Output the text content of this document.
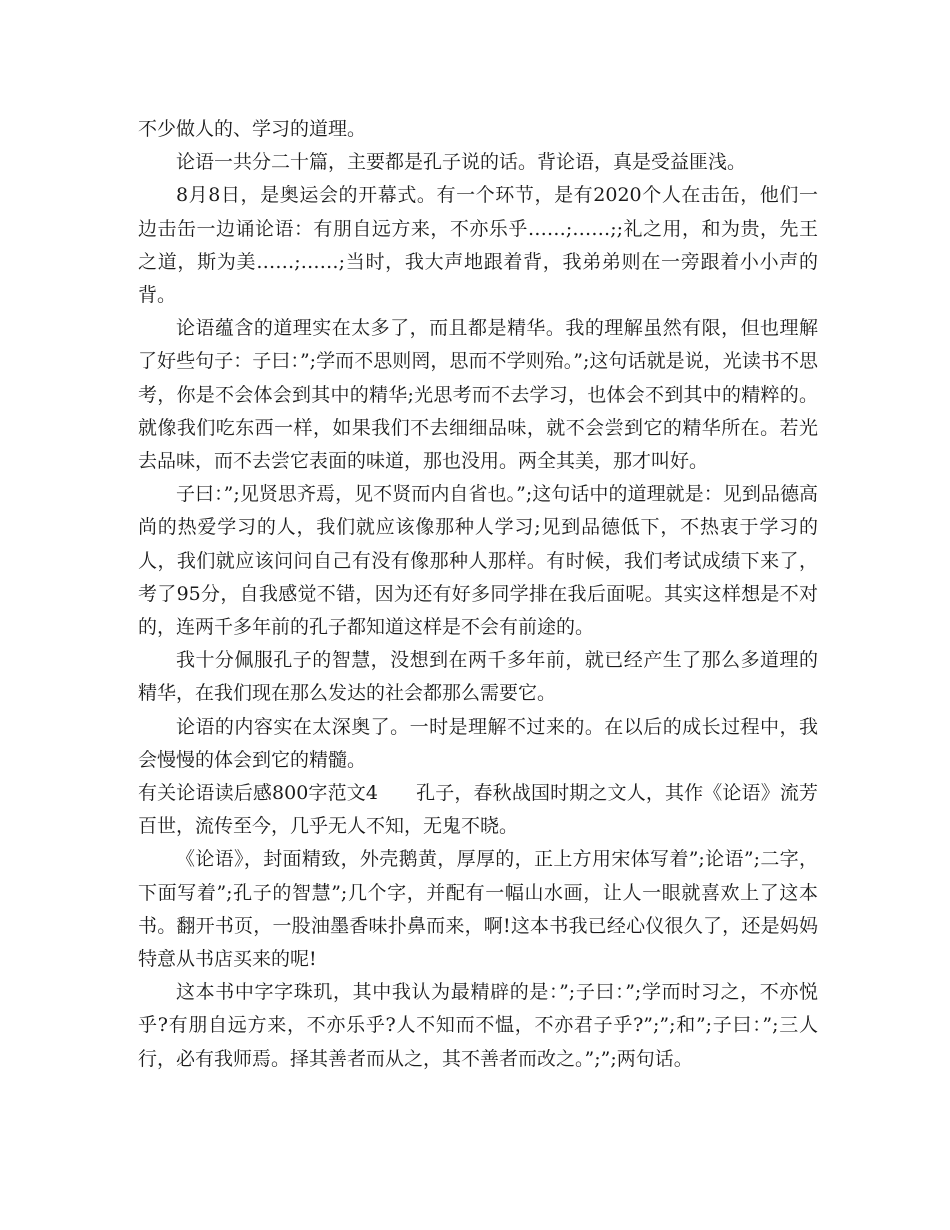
不少做人的、学习的道理。

论语一共分二十篇，主要都是孔子说的话。背论语，真是受益匪浅。

8月8日，是奥运会的开幕式。有一个环节，是有2020个人在击缶，他们一边击缶一边诵论语：有朋自远方来，不亦乐乎……;……;;礼之用，和为贵，先王之道，斯为美……;……;当时，我大声地跟着背，我弟弟则在一旁跟着小小声的背。

论语蕴含的道理实在太多了，而且都是精华。我的理解虽然有限，但也理解了好些句子：子曰：”;学而不思则罔，思而不学则殆。”;这句话就是说，光读书不思考，你是不会体会到其中的精华;光思考而不去学习，也体会不到其中的精粹的。就像我们吃东西一样，如果我们不去细细品味，就不会尝到它的精华所在。若光去品味，而不去尝它表面的味道，那也没用。两全其美，那才叫好。

子曰：”;见贤思齐焉，见不贤而内自省也。”;这句话中的道理就是：见到品德高尚的热爱学习的人，我们就应该像那种人学习;见到品德低下，不热衷于学习的人，我们就应该问问自己有没有像那种人那样。有时候，我们考试成绩下来了，考了95分，自我感觉不错，因为还有好多同学排在我后面呢。其实这样想是不对的，连两千多年前的孔子都知道这样是不会有前途的。

我十分佩服孔子的智慧，没想到在两千多年前，就已经产生了那么多道理的精华，在我们现在那么发达的社会都那么需要它。

论语的内容实在太深奥了。一时是理解不过来的。在以后的成长过程中，我会慢慢的体会到它的精髓。

有关论语读后感800字范文4 孔子，春秋战国时期之文人，其作《论语》流芳百世，流传至今，几乎无人不知，无鬼不晓。

《论语》，封面精致，外壳鹅黄，厚厚的，正上方用宋体写着”;论语”;二字，下面写着”;孔子的智慧”;几个字，并配有一幅山水画，让人一眼就喜欢上了这本书。翻开书页，一股油墨香味扑鼻而来，啊!这本书我已经心仪很久了，还是妈妈特意从书店买来的呢!

这本书中字字珠玑，其中我认为最精辟的是：”;子曰：”;学而时习之，不亦悦乎?有朋自远方来，不亦乐乎?人不知而不愠，不亦君子乎?”;”;和”;子曰：”;三人行，必有我师焉。择其善者而从之，其不善者而改之。”;”;两句话。
